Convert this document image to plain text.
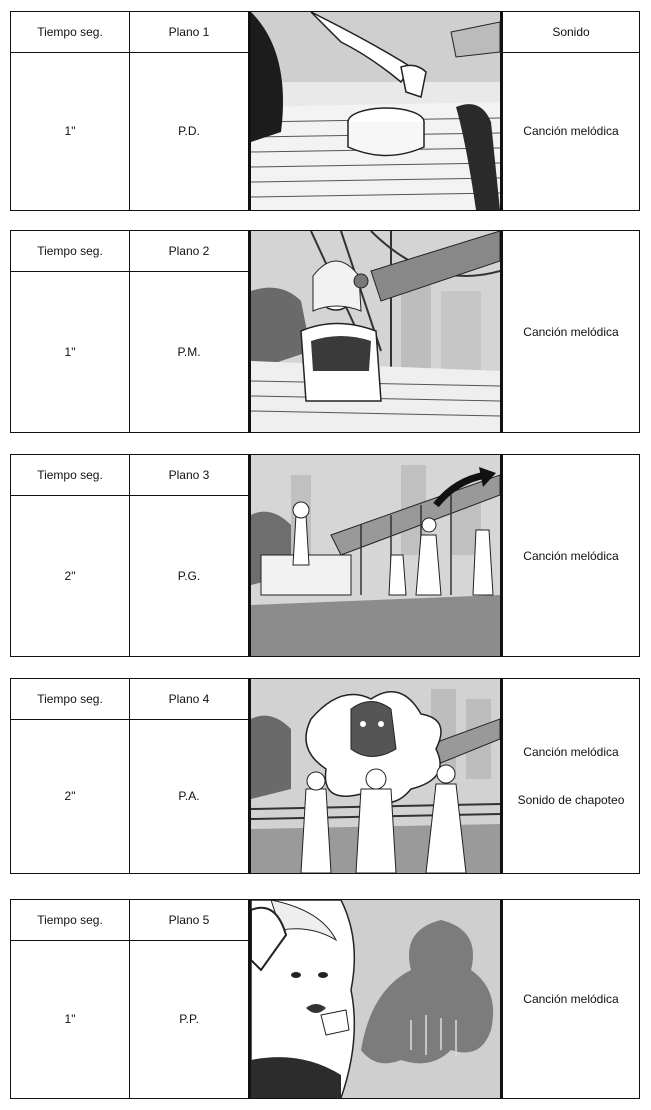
Tiempo seg.
1"
Plano 1
P.D.
Sonido
Canción melódica
Tiempo seg.
1"
Plano 2
P.M.
Canción melódica
Tiempo seg.
2"
Plano 3
P.G.
Canción melódica
Tiempo seg.
2"
Plano 4
P.A.
Canción melódica
Sonido de chapoteo
Tiempo seg.
1"
Plano 5
P.P.
Canción melódica
